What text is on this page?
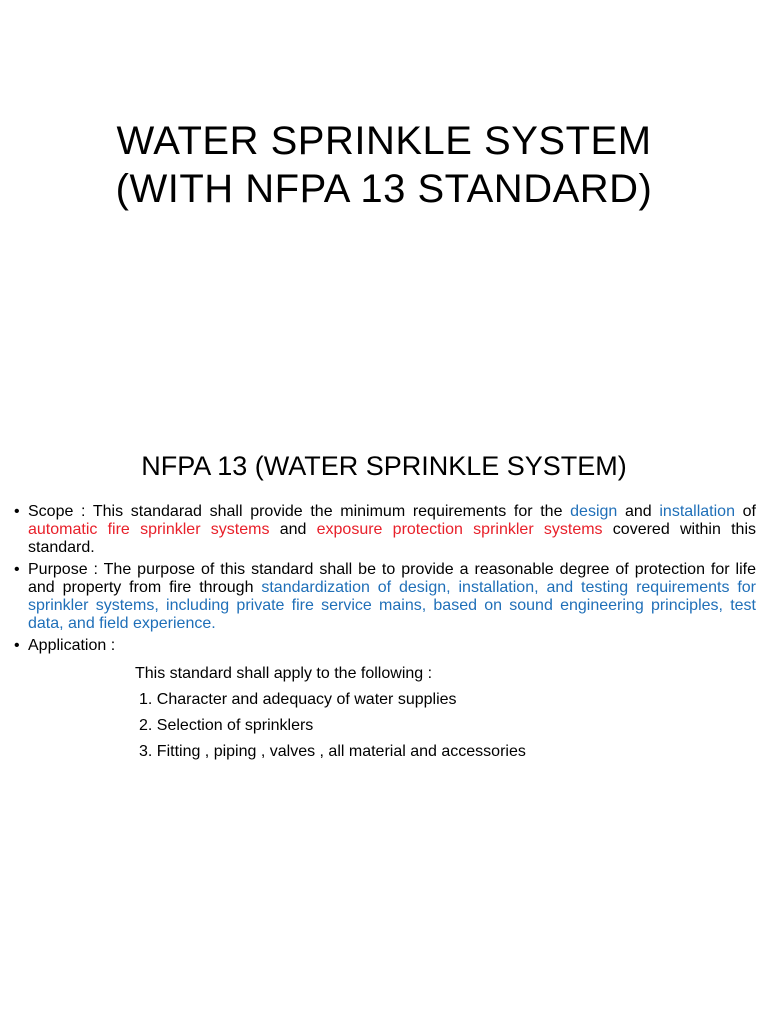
WATER SPRINKLE SYSTEM
(WITH NFPA 13 STANDARD)
NFPA 13 (WATER SPRINKLE SYSTEM)

• Scope : This standarad shall provide the minimum requirements for the design and installation of automatic fire sprinkler systems and exposure protection sprinkler systems covered within this standard.

• Purpose : The purpose of this standard shall be to provide a reasonable degree of protection for life and property from fire through standardization of design, installation, and testing requirements for sprinkler systems, including private fire service mains, based on sound engineering principles, test data, and field experience.

• Application :

This standard shall apply to the following :
1. Character and adequacy of water supplies
2. Selection of sprinklers
3. Fitting , piping , valves , all material and accessories
